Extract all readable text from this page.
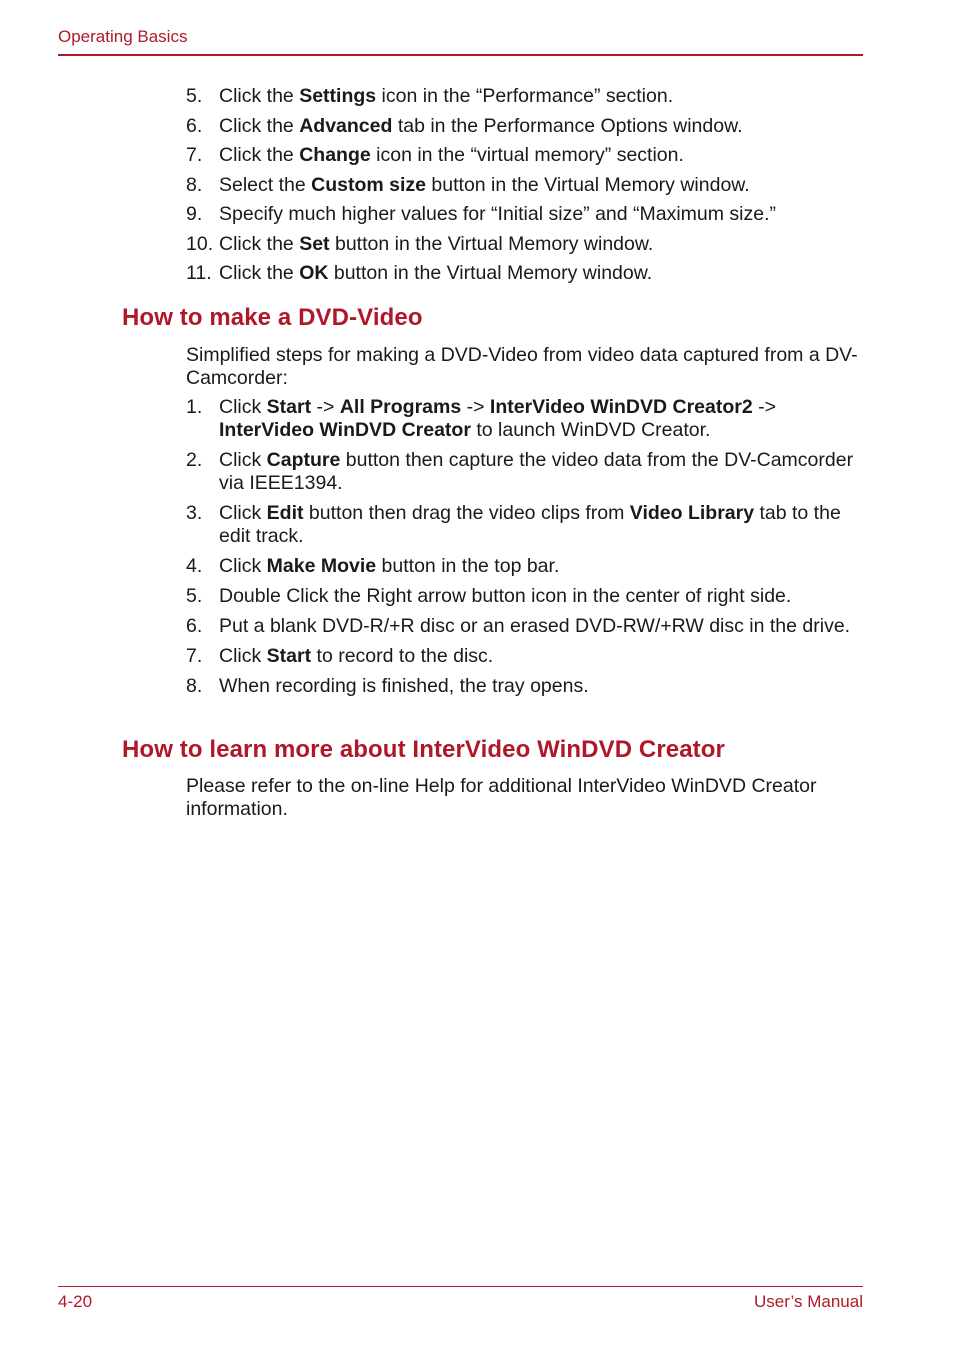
Operating Basics
5. Click the Settings icon in the “Performance” section.
6. Click the Advanced tab in the Performance Options window.
7. Click the Change icon in the “virtual memory” section.
8. Select the Custom size button in the Virtual Memory window.
9. Specify much higher values for “Initial size” and “Maximum size.”
10. Click the Set button in the Virtual Memory window.
11. Click the OK button in the Virtual Memory window.
How to make a DVD-Video

Simplified steps for making a DVD-Video from video data captured from a DV-Camcorder:

1. Click Start -> All Programs -> InterVideo WinDVD Creator2 -> InterVideo WinDVD Creator to launch WinDVD Creator.
2. Click Capture button then capture the video data from the DV-Camcorder via IEEE1394.
3. Click Edit button then drag the video clips from Video Library tab to the edit track.
4. Click Make Movie button in the top bar.
5. Double Click the Right arrow button icon in the center of right side.
6. Put a blank DVD-R/+R disc or an erased DVD-RW/+RW disc in the drive.
7. Click Start to record to the disc.
8. When recording is finished, the tray opens.
How to learn more about InterVideo WinDVD Creator

Please refer to the on-line Help for additional InterVideo WinDVD Creator information.

4-20	User’s Manual
